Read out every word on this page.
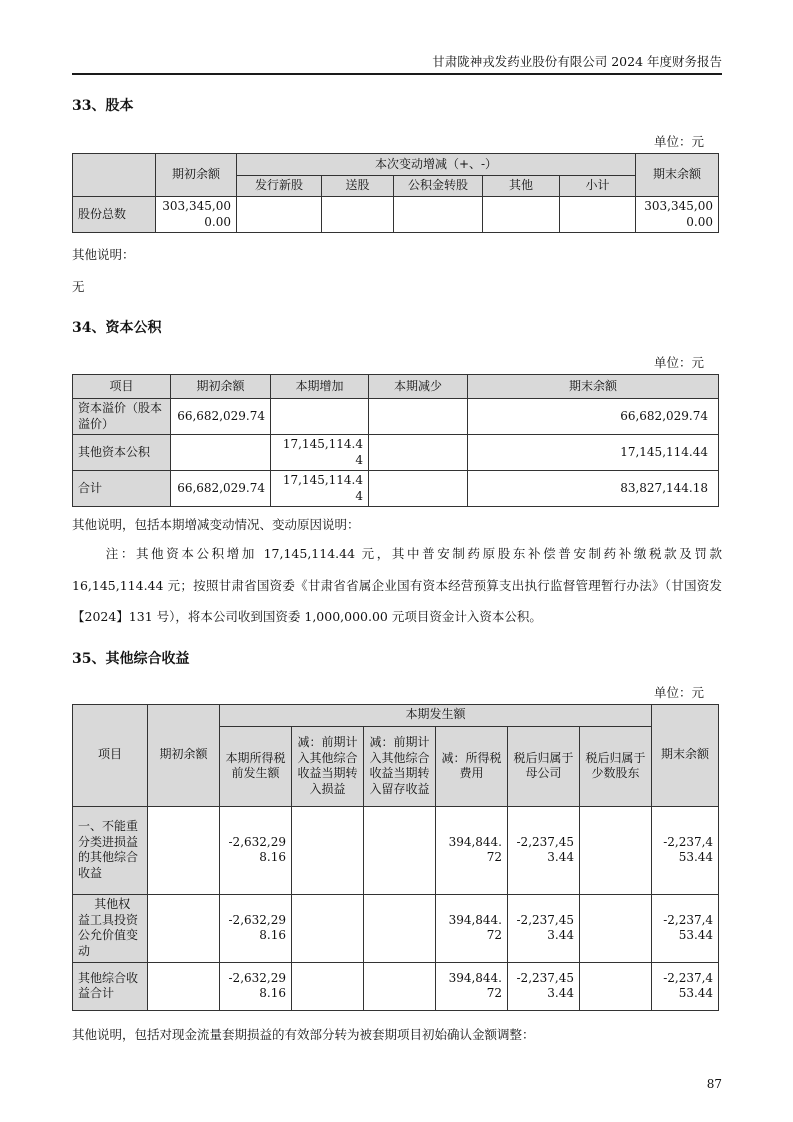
甘肃陇神戎发药业股份有限公司 2024 年度财务报告
33、股本
单位：元
	期初余额	本次变动增减（+、-）					期末余额
		发行新股	送股	公积金转股	其他	小计	
股份总数	303,345,000.00						303,345,000.00

其他说明：

无

34、资本公积
单位：元
项目	期初余额	本期增加	本期减少	期末余额
资本溢价（股本溢价）	66,682,029.74			66,682,029.74
其他资本公积		17,145,114.44		17,145,114.44
合计	66,682,029.74	17,145,114.44		83,827,144.18

其他说明，包括本期增减变动情况、变动原因说明：

注：其他资本公积增加 17,145,114.44 元，其中普安制药原股东补偿普安制药补缴税款及罚款 16,145,114.44 元；按照甘肃省国资委《甘肃省省属企业国有资本经营预算支出执行监督管理暂行办法》（甘国资发【2024】131 号），将本公司收到国资委 1,000,000.00 元项目资金计入资本公积。

35、其他综合收益
单位：元
项目	期初余额	本期发生额						期末余额
		本期所得税前发生额	减：前期计入其他综合收益当期转入损益	减：前期计入其他综合收益当期转入留存收益	减：所得税费用	税后归属于母公司	税后归属于少数股东	
一、不能重分类进损益的其他综合收益		-2,632,298.16			394,844.72	-2,237,453.44		-2,237,453.44
其他权益工具投资公允价值变动		-2,632,298.16			394,844.72	-2,237,453.44		-2,237,453.44
其他综合收益合计		-2,632,298.16			394,844.72	-2,237,453.44		-2,237,453.44

其他说明，包括对现金流量套期损益的有效部分转为被套期项目初始确认金额调整：

87
